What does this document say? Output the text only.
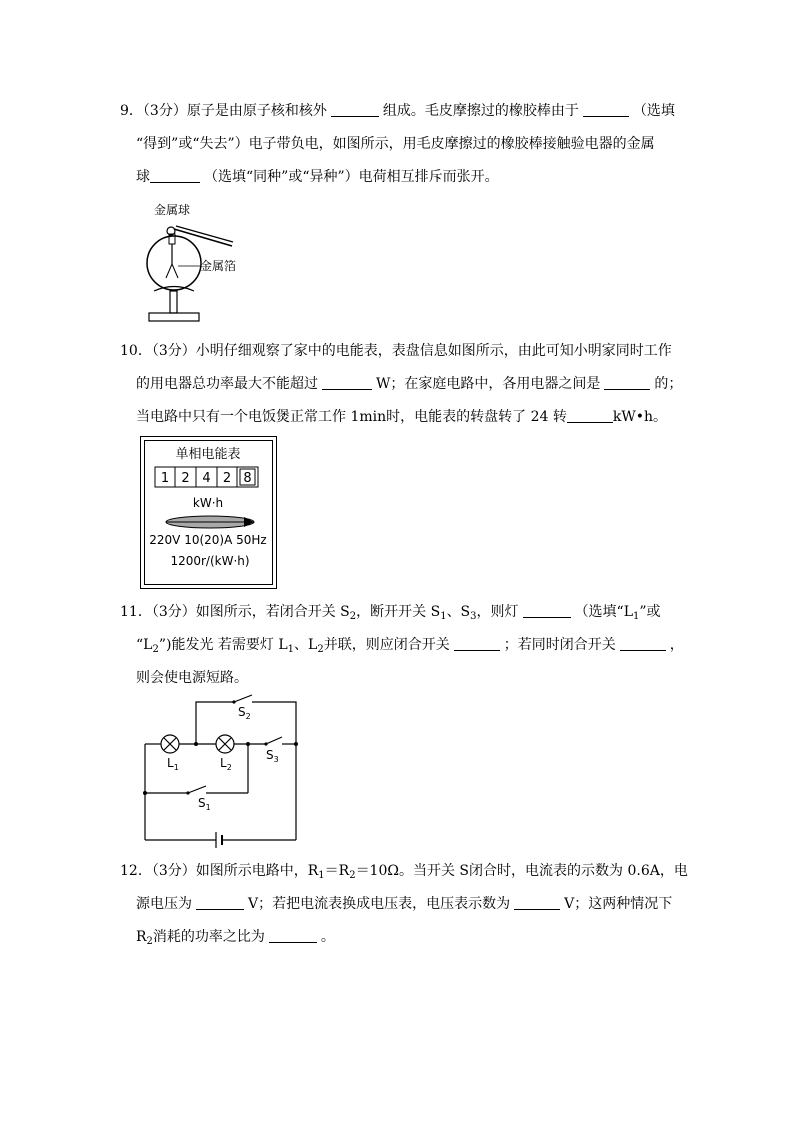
9．（3分）原子是由原子核和核外	组成。毛皮摩擦过的橡胶棒由于	（选填
“得到”或“失去”）电子带负电，如图所示，用毛皮摩擦过的橡胶棒接触验电器的金属
球	（选填“同种”或“异种”）电荷相互排斥而张开。
金属球
金属箔
10．（3分）小明仔细观察了家中的电能表，表盘信息如图所示，由此可知小明家同时工作
的用电器总功率最大不能超过	W；在家庭电路中，各用电器之间是	的；
当电路中只有一个电饭煲正常工作 1min时，电能表的转盘转了 24 转	kW•h。
单相电能表
1 2 4 2 8
kW·h
220V 10(20)A 50Hz
1200r/(kW·h)
11．（3分）如图所示，若闭合开关 $S_2$，断开开关 $S_1$、$S_3$，则灯	（选填“$L_1$”或
“$L_2$”)能发光 若需要灯 $L_1$、$L_2$并联，则应闭合开关	；若同时闭合开关	，
则会使电源短路。
$S_2$
$S_3$
$S_1$
$L_1$	$L_2$
12．（3分）如图所示电路中，$R_1=R_2=10\Omega$。当开关 S闭合时，电流表的示数为 0.6A，电
源电压为	V；若把电流表换成电压表，电压表示数为	V；这两种情况下
$R_2$消耗的功率之比为	。
